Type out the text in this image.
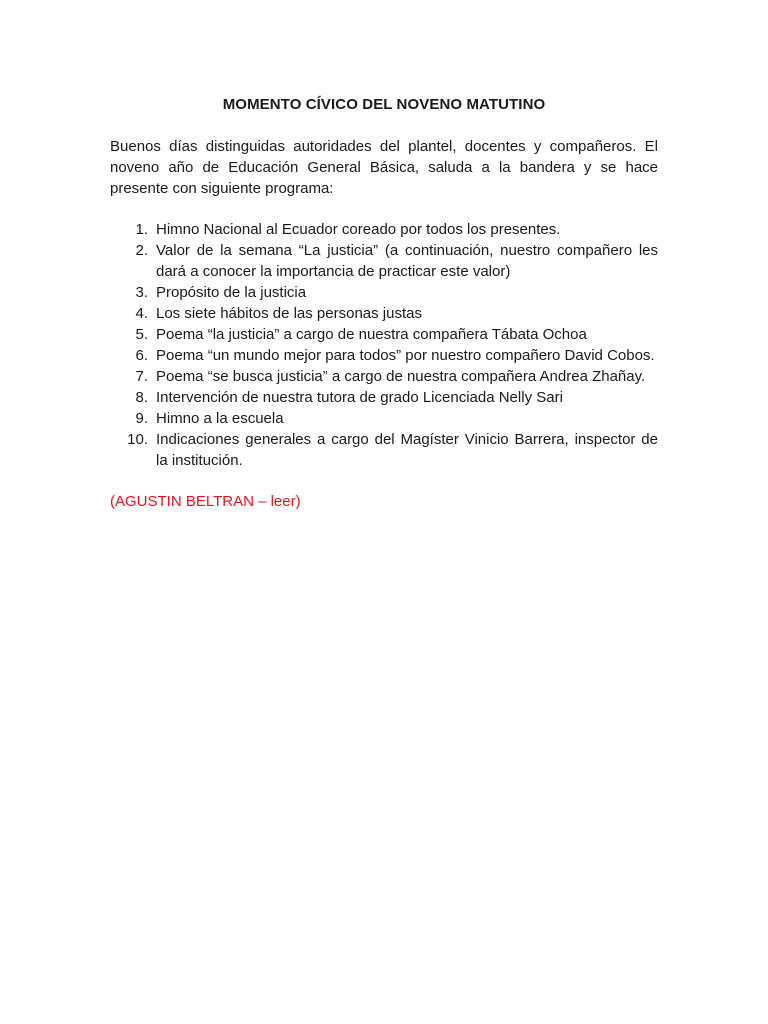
MOMENTO CÍVICO DEL NOVENO MATUTINO

Buenos días distinguidas autoridades del plantel, docentes y compañeros. El noveno año de Educación General Básica, saluda a la bandera y se hace presente con siguiente programa:

1. Himno Nacional al Ecuador coreado por todos los presentes.
2. Valor de la semana “La justicia” (a continuación, nuestro compañero les dará a conocer la importancia de practicar este valor)
3. Propósito de la justicia
4. Los siete hábitos de las personas justas
5. Poema “la justicia” a cargo de nuestra compañera Tábata Ochoa
6. Poema “un mundo mejor para todos” por nuestro compañero David Cobos.
7. Poema “se busca justicia” a cargo de nuestra compañera Andrea Zhañay.
8. Intervención de nuestra tutora de grado Licenciada Nelly Sari
9. Himno a la escuela
10. Indicaciones generales a cargo del Magíster Vinicio Barrera, inspector de la institución.

(AGUSTIN BELTRAN – leer)
